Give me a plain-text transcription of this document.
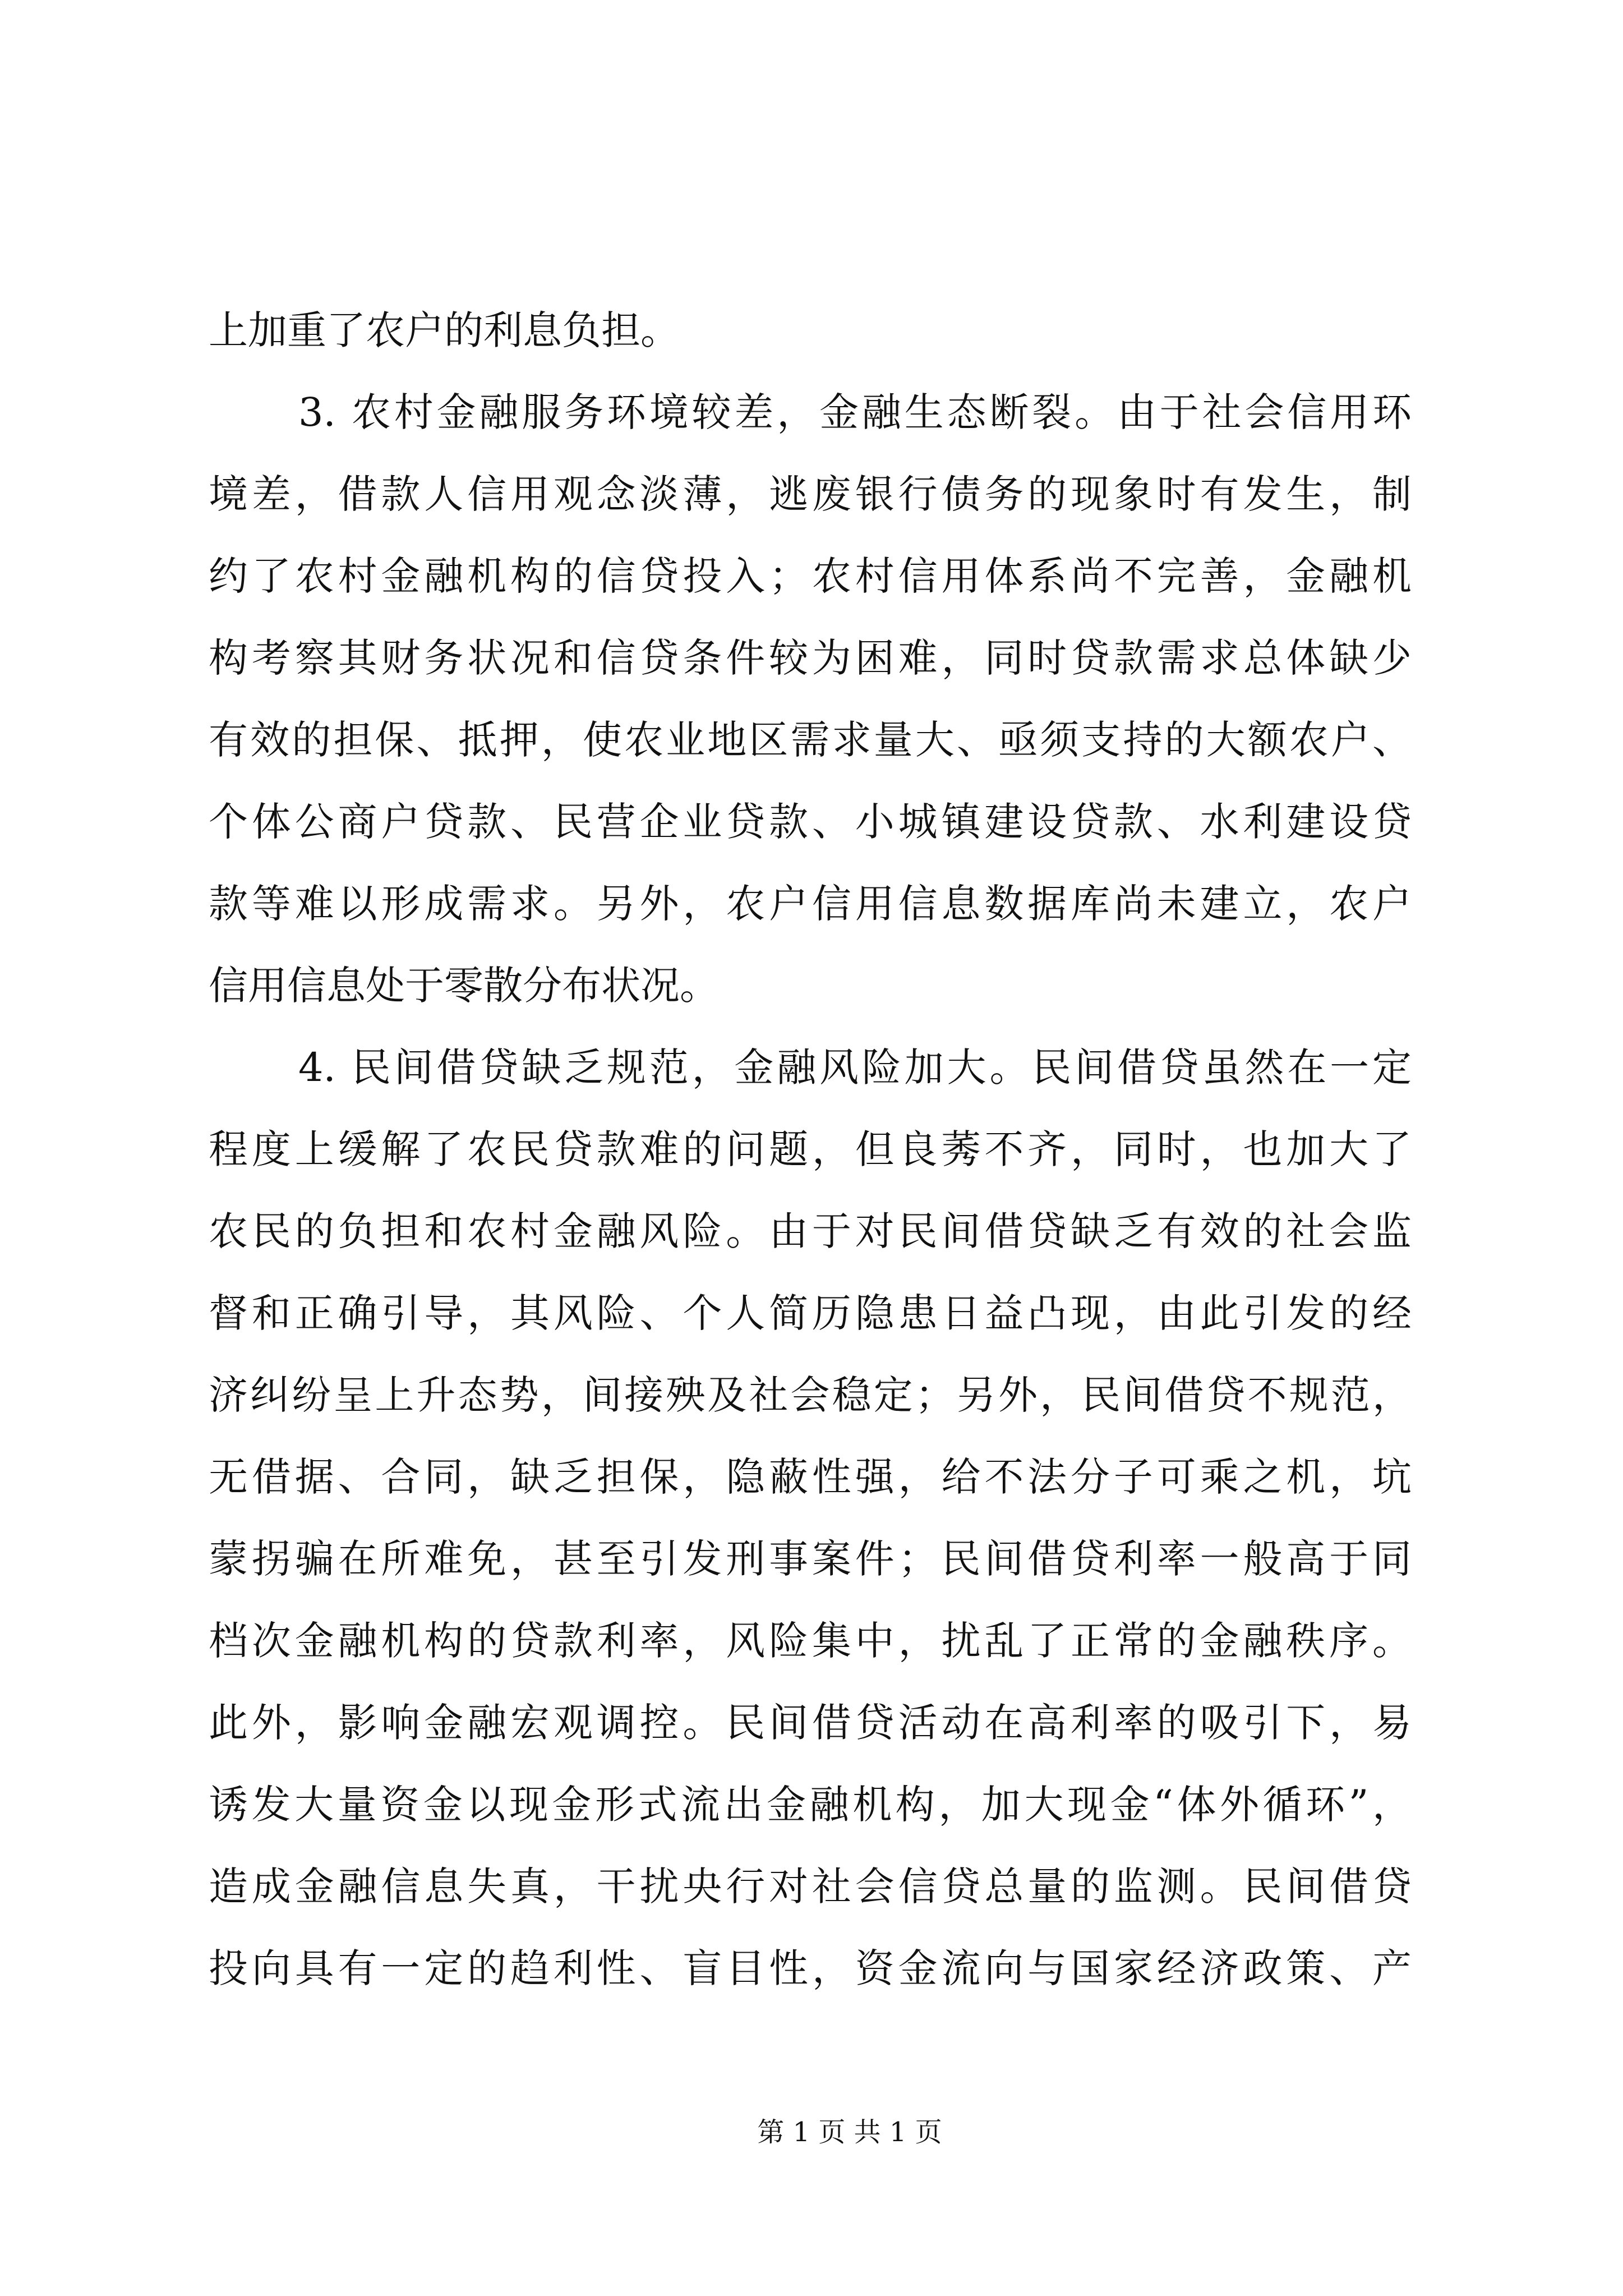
上加重了农户的利息负担。
3. 农村金融服务环境较差，金融生态断裂。由于社会信用环
境差，借款人信用观念淡薄，逃废银行债务的现象时有发生，制
约了农村金融机构的信贷投入；农村信用体系尚不完善，金融机
构考察其财务状况和信贷条件较为困难，同时贷款需求总体缺少
有效的担保、抵押，使农业地区需求量大、亟须支持的大额农户、
个体公商户贷款、民营企业贷款、小城镇建设贷款、水利建设贷
款等难以形成需求。另外，农户信用信息数据库尚未建立，农户
信用信息处于零散分布状况。
4. 民间借贷缺乏规范，金融风险加大。民间借贷虽然在一定
程度上缓解了农民贷款难的问题，但良莠不齐，同时，也加大了
农民的负担和农村金融风险。由于对民间借贷缺乏有效的社会监
督和正确引导，其风险、个人简历隐患日益凸现，由此引发的经
济纠纷呈上升态势，间接殃及社会稳定；另外，民间借贷不规范，
无借据、合同，缺乏担保，隐蔽性强，给不法分子可乘之机，坑
蒙拐骗在所难免，甚至引发刑事案件；民间借贷利率一般高于同
档次金融机构的贷款利率，风险集中，扰乱了正常的金融秩序。
此外，影响金融宏观调控。民间借贷活动在高利率的吸引下，易
诱发大量资金以现金形式流出金融机构，加大现金“体外循环”，
造成金融信息失真，干扰央行对社会信贷总量的监测。民间借贷
投向具有一定的趋利性、盲目性，资金流向与国家经济政策、产
第 1 页 共 1 页
